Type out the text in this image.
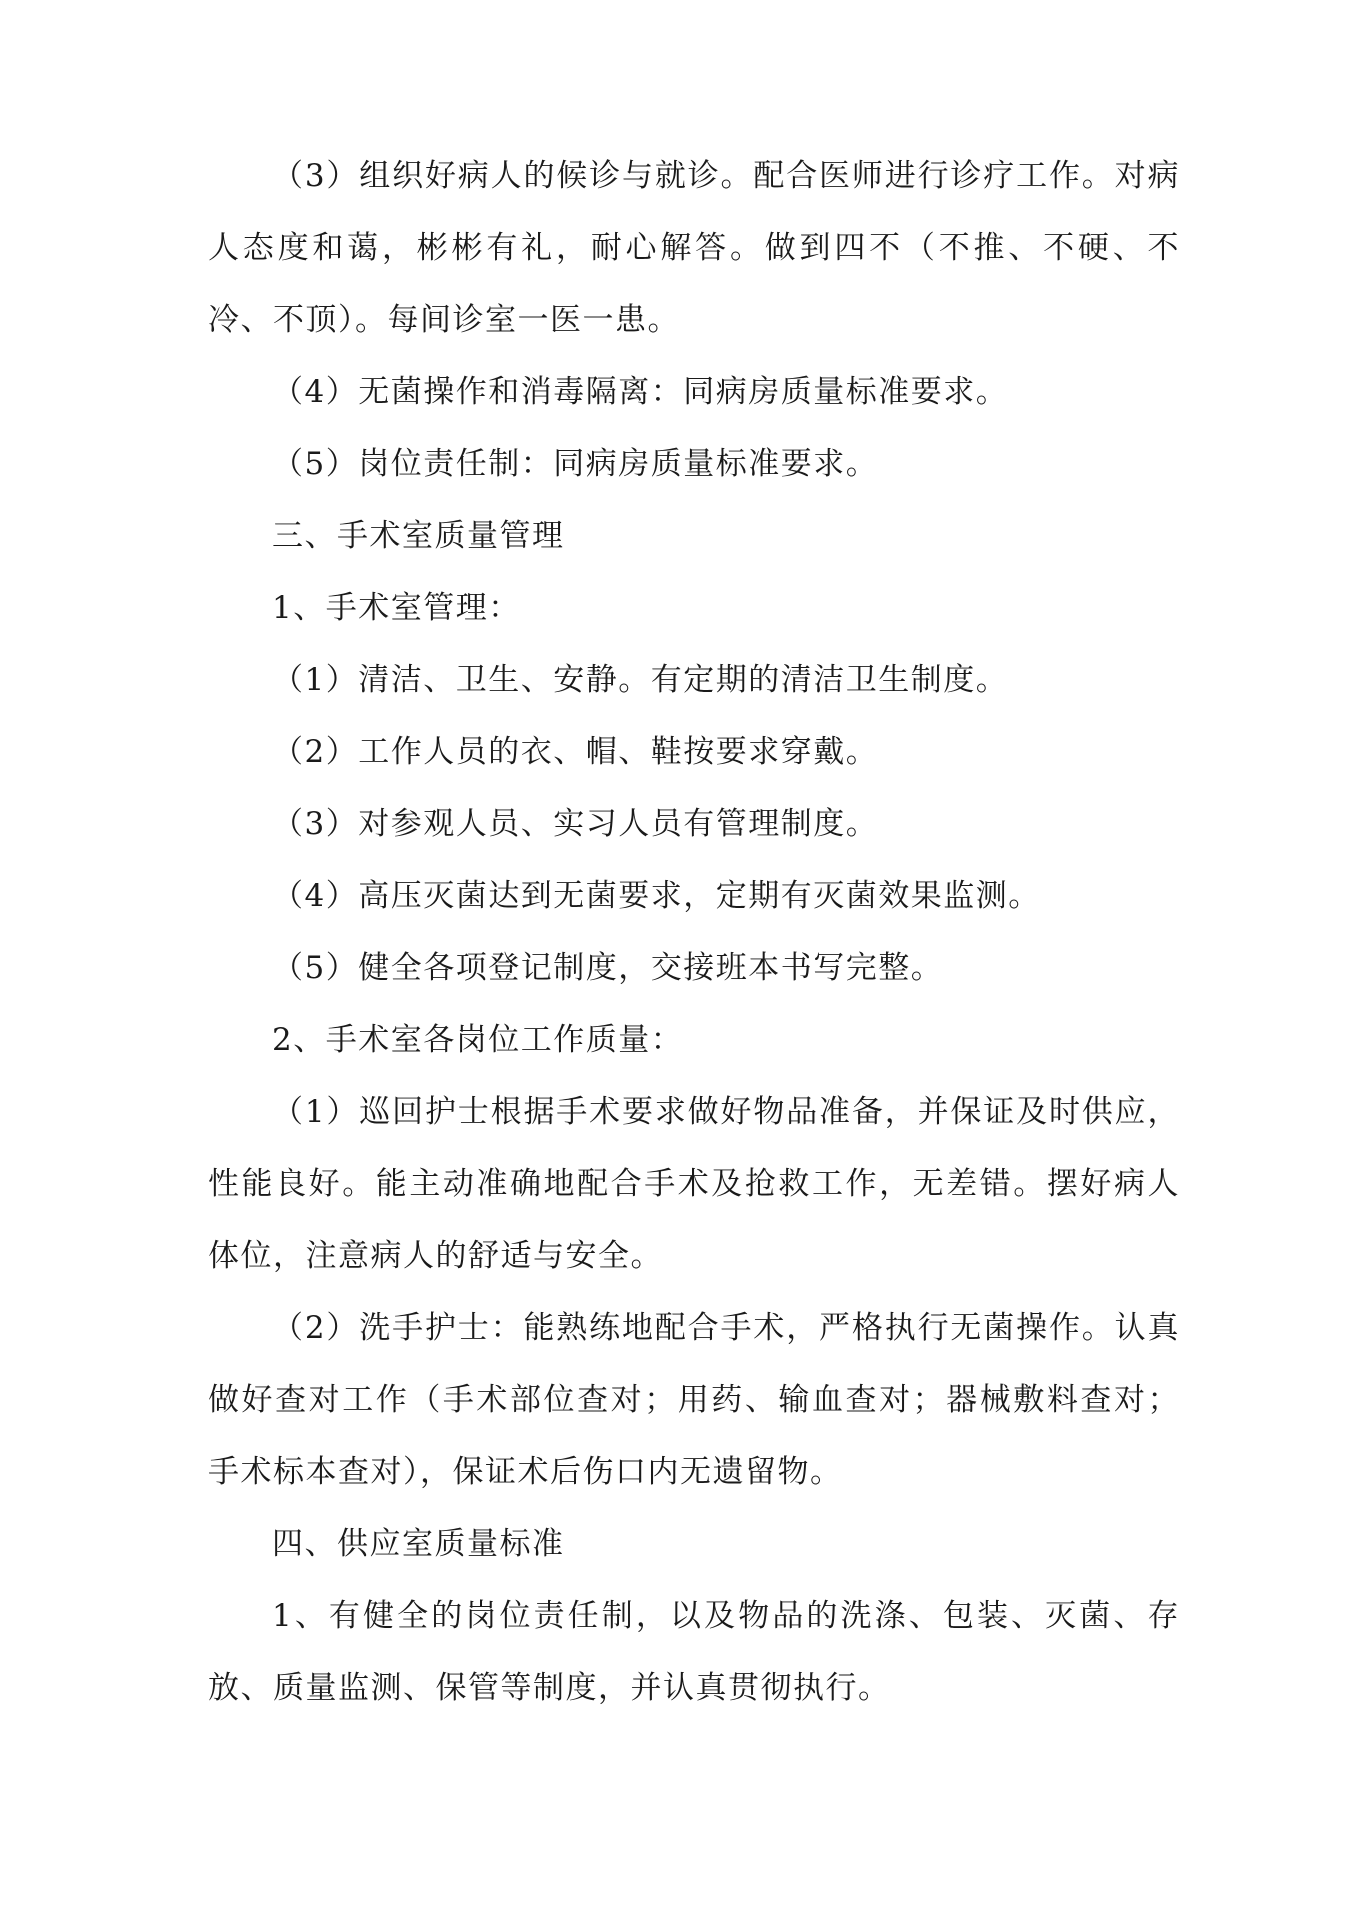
（3）组织好病人的候诊与就诊。配合医师进行诊疗工作。对病人态度和蔼，彬彬有礼，耐心解答。做到四不（不推、不硬、不冷、不顶）。每间诊室一医一患。

（4）无菌操作和消毒隔离：同病房质量标准要求。

（5）岗位责任制：同病房质量标准要求。

三、手术室质量管理

1、手术室管理：

（1）清洁、卫生、安静。有定期的清洁卫生制度。

（2）工作人员的衣、帽、鞋按要求穿戴。

（3）对参观人员、实习人员有管理制度。

（4）高压灭菌达到无菌要求，定期有灭菌效果监测。

（5）健全各项登记制度，交接班本书写完整。

2、手术室各岗位工作质量：

（1）巡回护士根据手术要求做好物品准备，并保证及时供应，性能良好。能主动准确地配合手术及抢救工作，无差错。摆好病人体位，注意病人的舒适与安全。

（2）洗手护士：能熟练地配合手术，严格执行无菌操作。认真做好查对工作（手术部位查对；用药、输血查对；器械敷料查对；手术标本查对），保证术后伤口内无遗留物。

四、供应室质量标准

1、有健全的岗位责任制，以及物品的洗涤、包装、灭菌、存放、质量监测、保管等制度，并认真贯彻执行。
